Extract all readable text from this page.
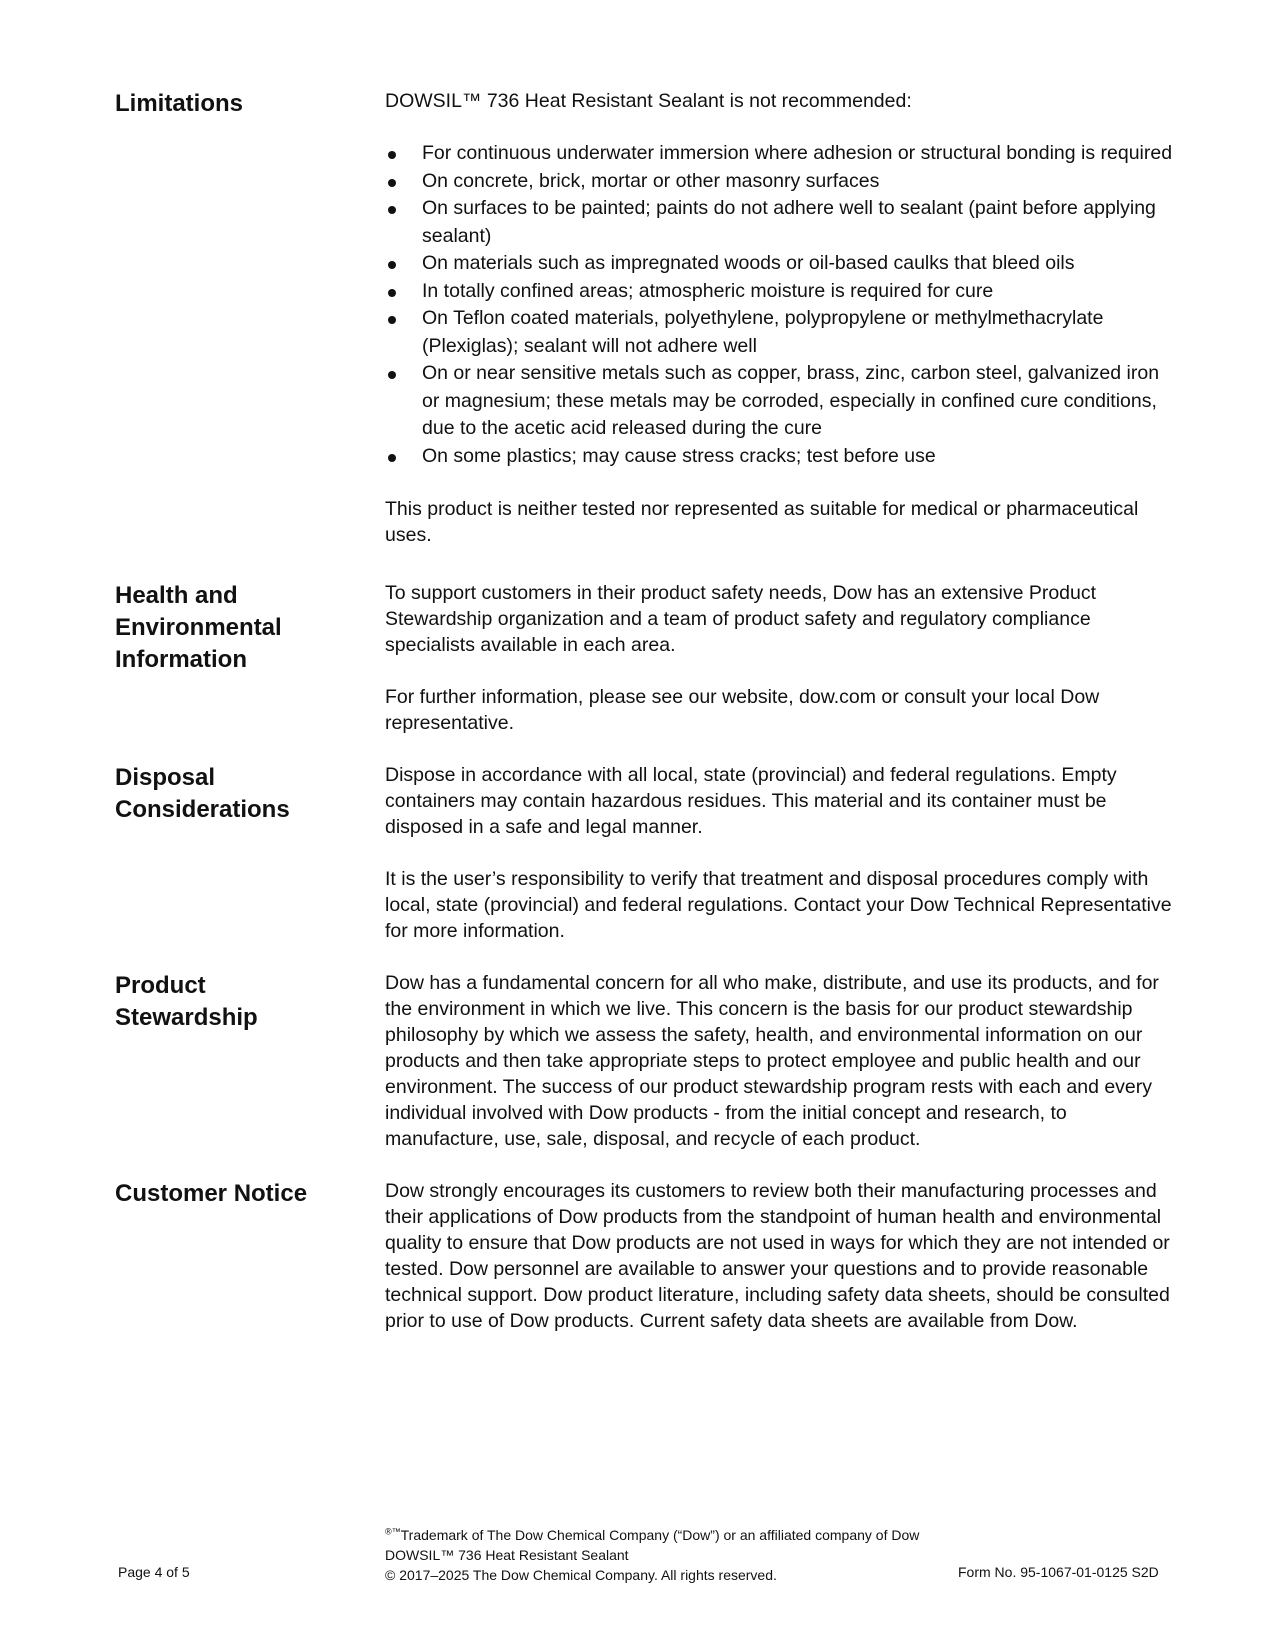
Limitations	DOWSIL™ 736 Heat Resistant Sealant is not recommended:

For continuous underwater immersion where adhesion or structural bonding is required
On concrete, brick, mortar or other masonry surfaces
On surfaces to be painted; paints do not adhere well to sealant (paint before applying sealant)
On materials such as impregnated woods or oil-based caulks that bleed oils
In totally confined areas; atmospheric moisture is required for cure
On Teflon coated materials, polyethylene, polypropylene or methylmethacrylate (Plexiglas); sealant will not adhere well
On or near sensitive metals such as copper, brass, zinc, carbon steel, galvanized iron or magnesium; these metals may be corroded, especially in confined cure conditions, due to the acetic acid released during the cure
On some plastics; may cause stress cracks; test before use

This product is neither tested nor represented as suitable for medical or pharmaceutical uses.

Health and
Environmental
Information

To support customers in their product safety needs, Dow has an extensive Product Stewardship organization and a team of product safety and regulatory compliance specialists available in each area.

For further information, please see our website, dow.com or consult your local Dow representative.

Disposal
Considerations

Dispose in accordance with all local, state (provincial) and federal regulations. Empty containers may contain hazardous residues. This material and its container must be disposed in a safe and legal manner.

It is the user’s responsibility to verify that treatment and disposal procedures comply with local, state (provincial) and federal regulations. Contact your Dow Technical Representative for more information.

Product
Stewardship

Dow has a fundamental concern for all who make, distribute, and use its products, and for the environment in which we live. This concern is the basis for our product stewardship philosophy by which we assess the safety, health, and environmental information on our products and then take appropriate steps to protect employee and public health and our environment. The success of our product stewardship program rests with each and every individual involved with Dow products - from the initial concept and research, to manufacture, use, sale, disposal, and recycle of each product.

Customer Notice	Dow strongly encourages its customers to review both their manufacturing processes and their applications of Dow products from the standpoint of human health and environmental quality to ensure that Dow products are not used in ways for which they are not intended or tested. Dow personnel are available to answer your questions and to provide reasonable technical support. Dow product literature, including safety data sheets, should be consulted prior to use of Dow products. Current safety data sheets are available from Dow.

Page 4 of 5
®™Trademark of The Dow Chemical Company (“Dow”) or an affiliated company of Dow
DOWSIL™ 736 Heat Resistant Sealant
© 2017–2025 The Dow Chemical Company. All rights reserved.	Form No. 95-1067-01-0125 S2D
